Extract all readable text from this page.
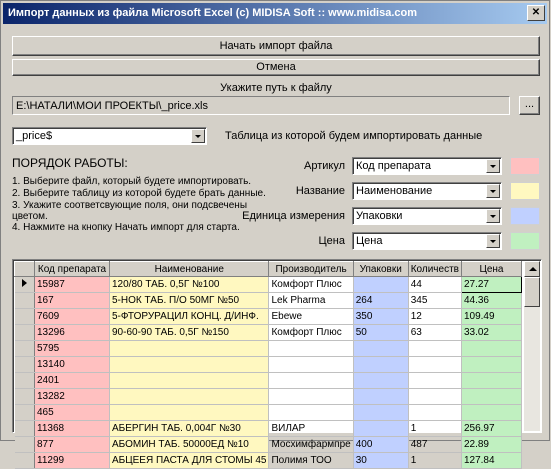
Импорт данных из файла Microsoft Excel (c) MIDISA Soft :: www.midisa.com	✕
Начать импорт файла
Отмена
Укажите путь к файлу
E:\НАТАЛИ\МОИ ПРОЕКТЫ\_price.xls	...
_price$	Таблица из которой будем импортировать данные
ПОРЯДОК РАБОТЫ:
1. Выберите файл, который будете импортировать.
2. Выберите таблицу из которой будете брать данные.
3. Укажите соответсвующие поля, они подсвечены
цветом.
4. Нажмите на кнопку Начать импорт для старта.
Артикул Код препарата
Название Наименование
Единица измерения Упаковки
Цена Цена
	Код препарата	Наименование	Производитель	Упаковки	Количеств	Цена
	15987	120/80 ТАБ. 0,5Г №100	Комфорт Плюс		44	27.27
	167	5-НОК ТАБ. П/О 50МГ №50	Lek Pharma	264	345	44.36
	7609	5-ФТОРУРАЦИЛ КОНЦ. Д/ИНФ.	Ebewe	350	12	109.49
	13296	90-60-90 ТАБ. 0,5Г №150	Комфорт Плюс	50	63	33.02
	5795					
	13140					
	2401					
	13282					
	465					
	11368	АБЕРГИН ТАБ. 0,004Г №30	ВИЛАР		1	256.97
	877	АБОМИН ТАБ. 50000ЕД №10	Мосхимфармпре	400	487	22.89
	11299	АБЦЕЕЯ ПАСТА ДЛЯ СТОМЫ 45	Полимя ТОО	30	1	127.84
